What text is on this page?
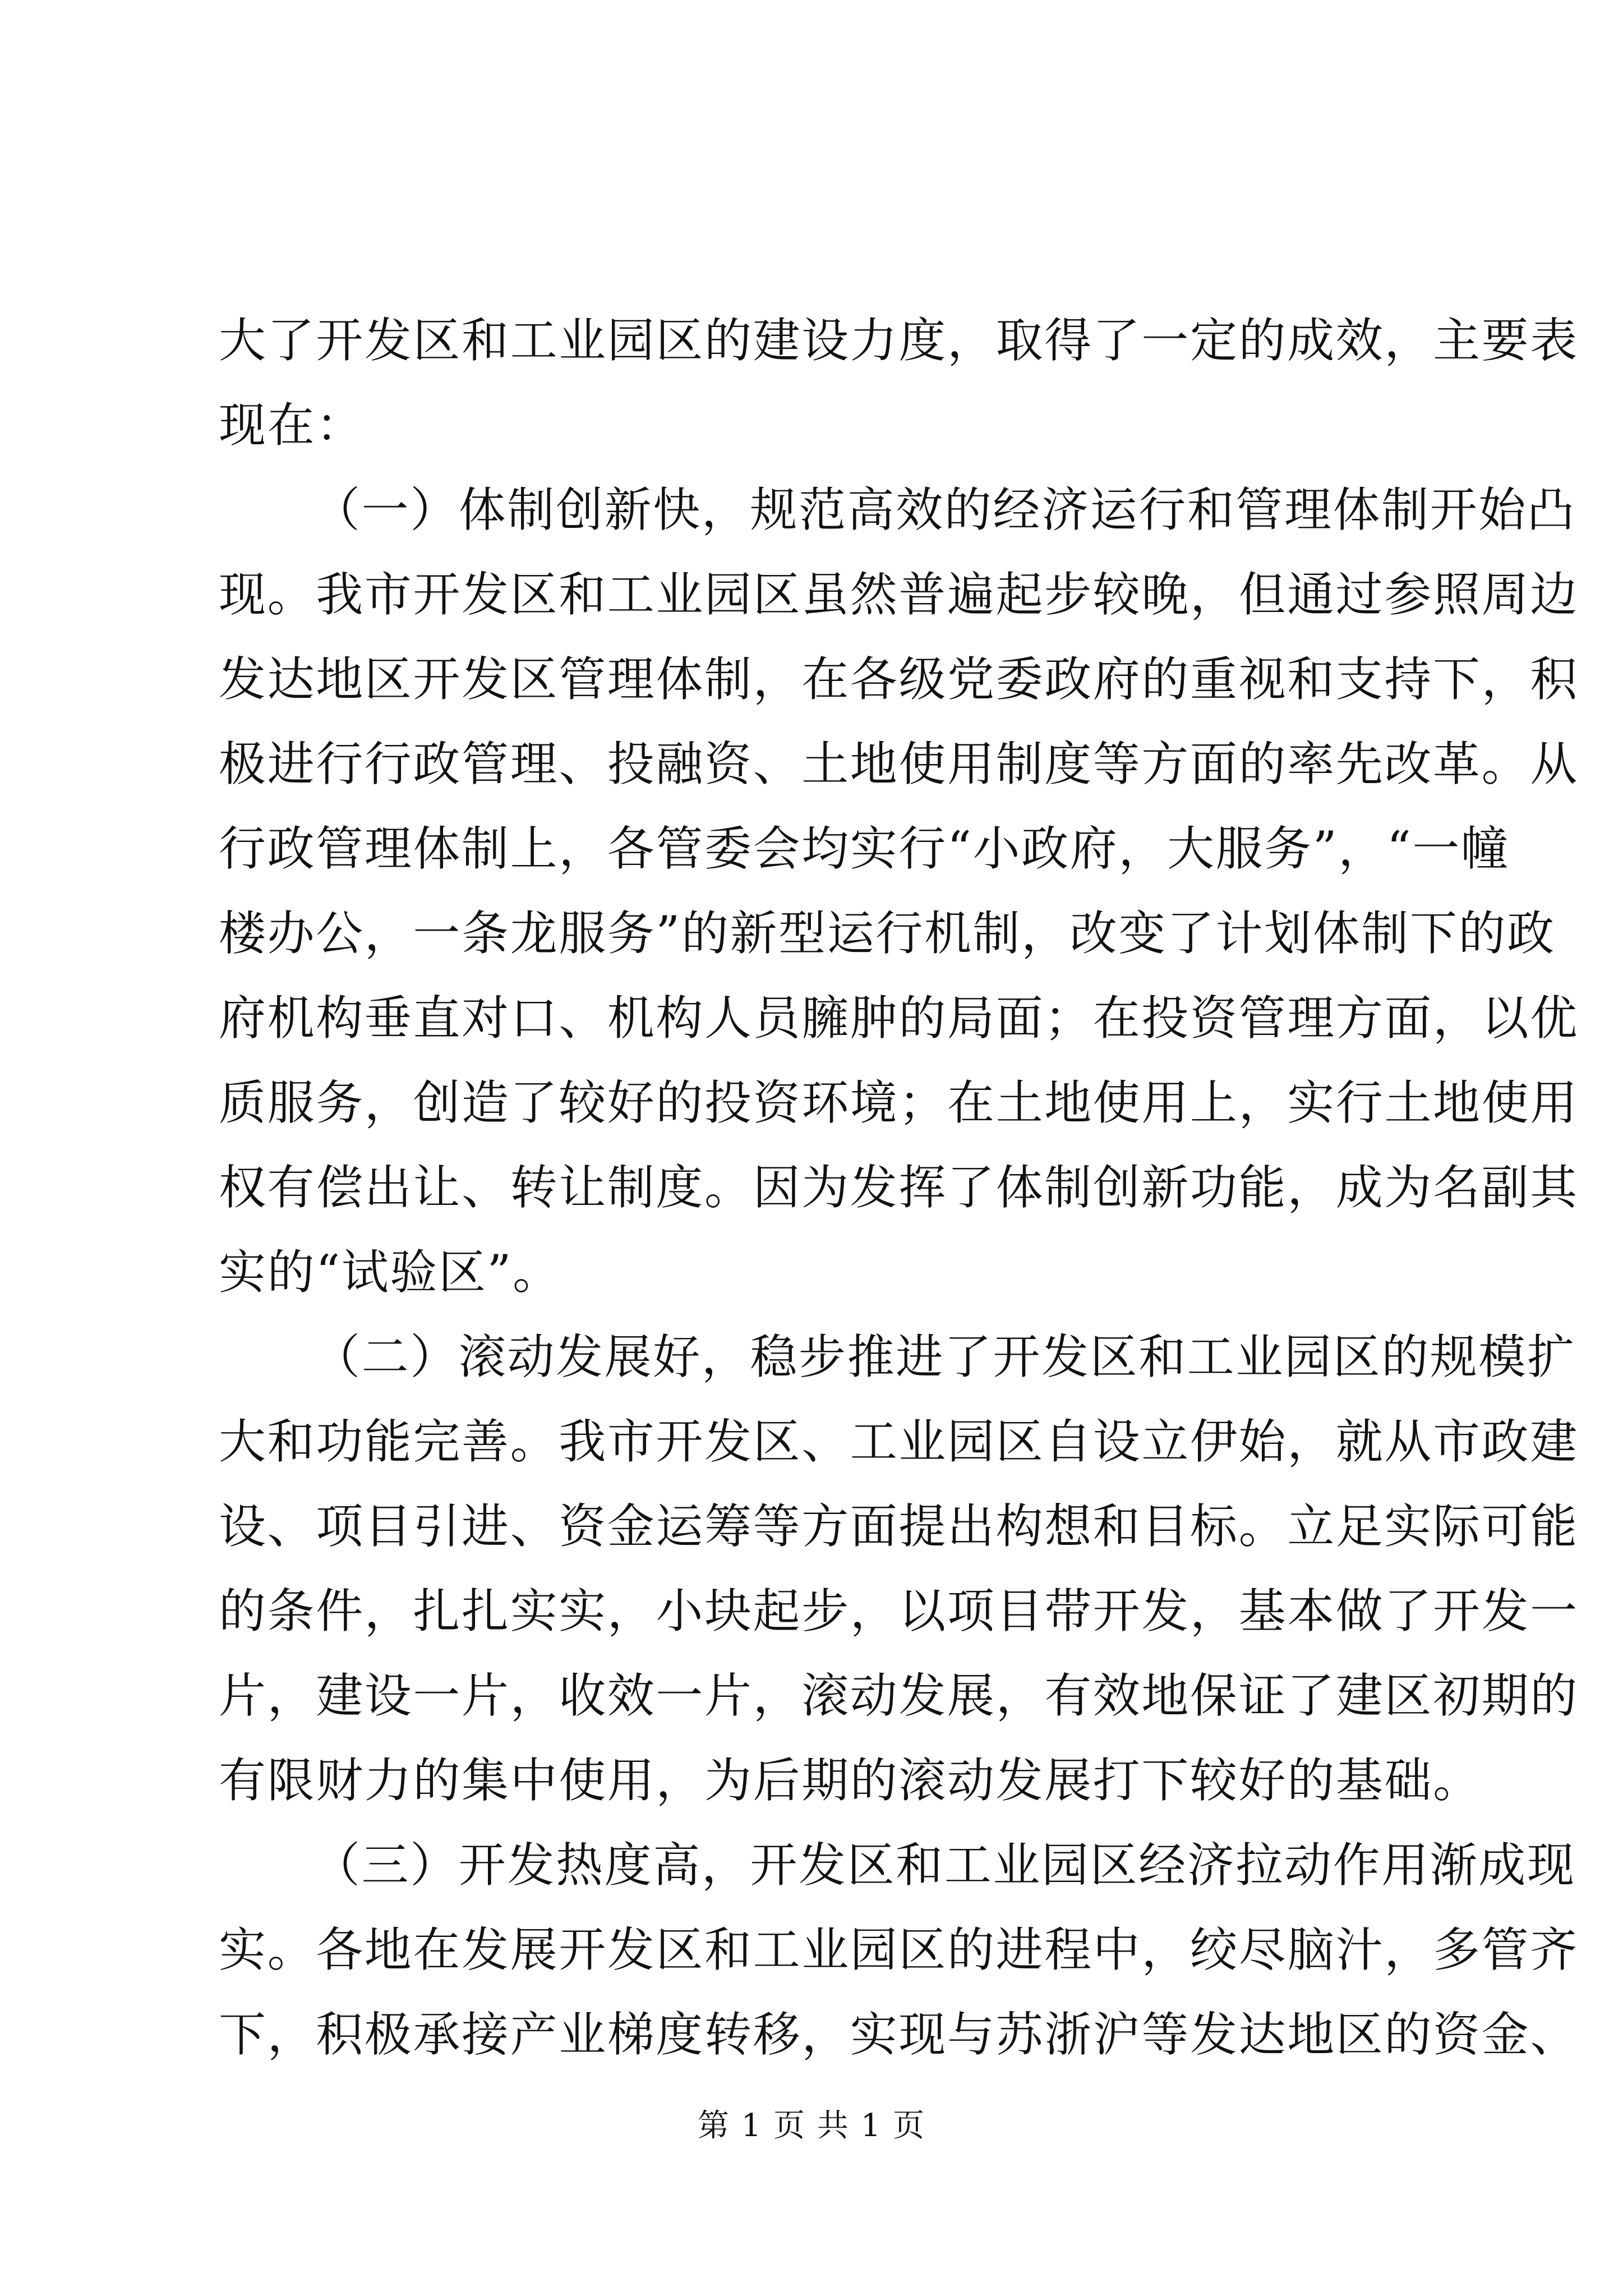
大了开发区和工业园区的建设力度，取得了一定的成效，主要表
现在：
（一）体制创新快，规范高效的经济运行和管理体制开始凸
现。我市开发区和工业园区虽然普遍起步较晚，但通过参照周边
发达地区开发区管理体制，在各级党委政府的重视和支持下，积
极进行行政管理、投融资、土地使用制度等方面的率先改革。从
行政管理体制上，各管委会均实行“小政府，大服务”，“一幢
楼办公，一条龙服务”的新型运行机制，改变了计划体制下的政
府机构垂直对口、机构人员臃肿的局面；在投资管理方面，以优
质服务，创造了较好的投资环境；在土地使用上，实行土地使用
权有偿出让、转让制度。因为发挥了体制创新功能，成为名副其
实的“试验区”。
（二）滚动发展好，稳步推进了开发区和工业园区的规模扩
大和功能完善。我市开发区、工业园区自设立伊始，就从市政建
设、项目引进、资金运筹等方面提出构想和目标。立足实际可能
的条件，扎扎实实，小块起步，以项目带开发，基本做了开发一
片，建设一片，收效一片，滚动发展，有效地保证了建区初期的
有限财力的集中使用，为后期的滚动发展打下较好的基础。
（三）开发热度高，开发区和工业园区经济拉动作用渐成现
实。各地在发展开发区和工业园区的进程中，绞尽脑汁，多管齐
下，积极承接产业梯度转移，实现与苏浙沪等发达地区的资金、
第 1 页 共 1 页
